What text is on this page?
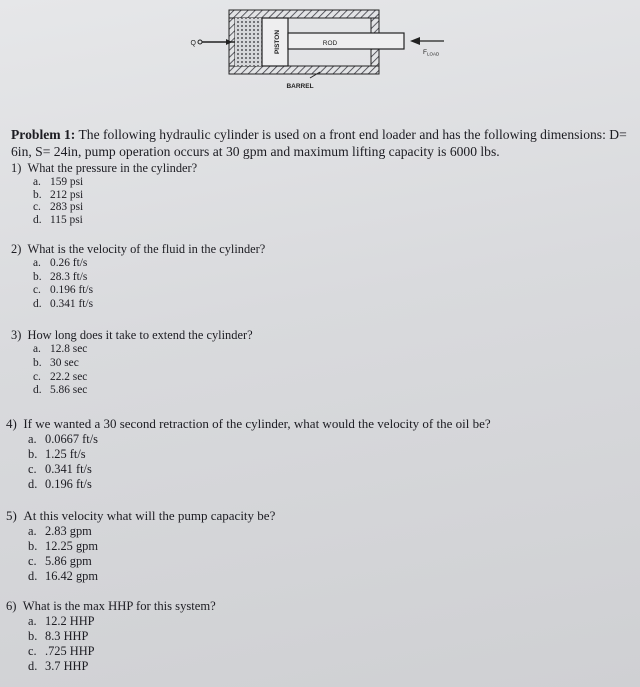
PISTON	ROD
BARREL
Q
$F_{LOAD}$
Problem 1: The following hydraulic cylinder is used on a front end loader and has the following dimensions: D=
6in, S= 24in, pump operation occurs at 30 gpm and maximum lifting capacity is 6000 lbs.
1) What the pressure in the cylinder?
a. 159 psi
b. 212 psi
c. 283 psi
d. 115 psi
2) What is the velocity of the fluid in the cylinder?
a. 0.26 ft/s
b. 28.3 ft/s
c. 0.196 ft/s
d. 0.341 ft/s
3) How long does it take to extend the cylinder?
a. 12.8 sec
b. 30 sec
c. 22.2 sec
d. 5.86 sec
4) If we wanted a 30 second retraction of the cylinder, what would the velocity of the oil be?
a. 0.0667 ft/s
b. 1.25 ft/s
c. 0.341 ft/s
d. 0.196 ft/s
5) At this velocity what will the pump capacity be?
a. 2.83 gpm
b. 12.25 gpm
c. 5.86 gpm
d. 16.42 gpm
6) What is the max HHP for this system?
a. 12.2 HHP
b. 8.3 HHP
c. .725 HHP
d. 3.7 HHP
